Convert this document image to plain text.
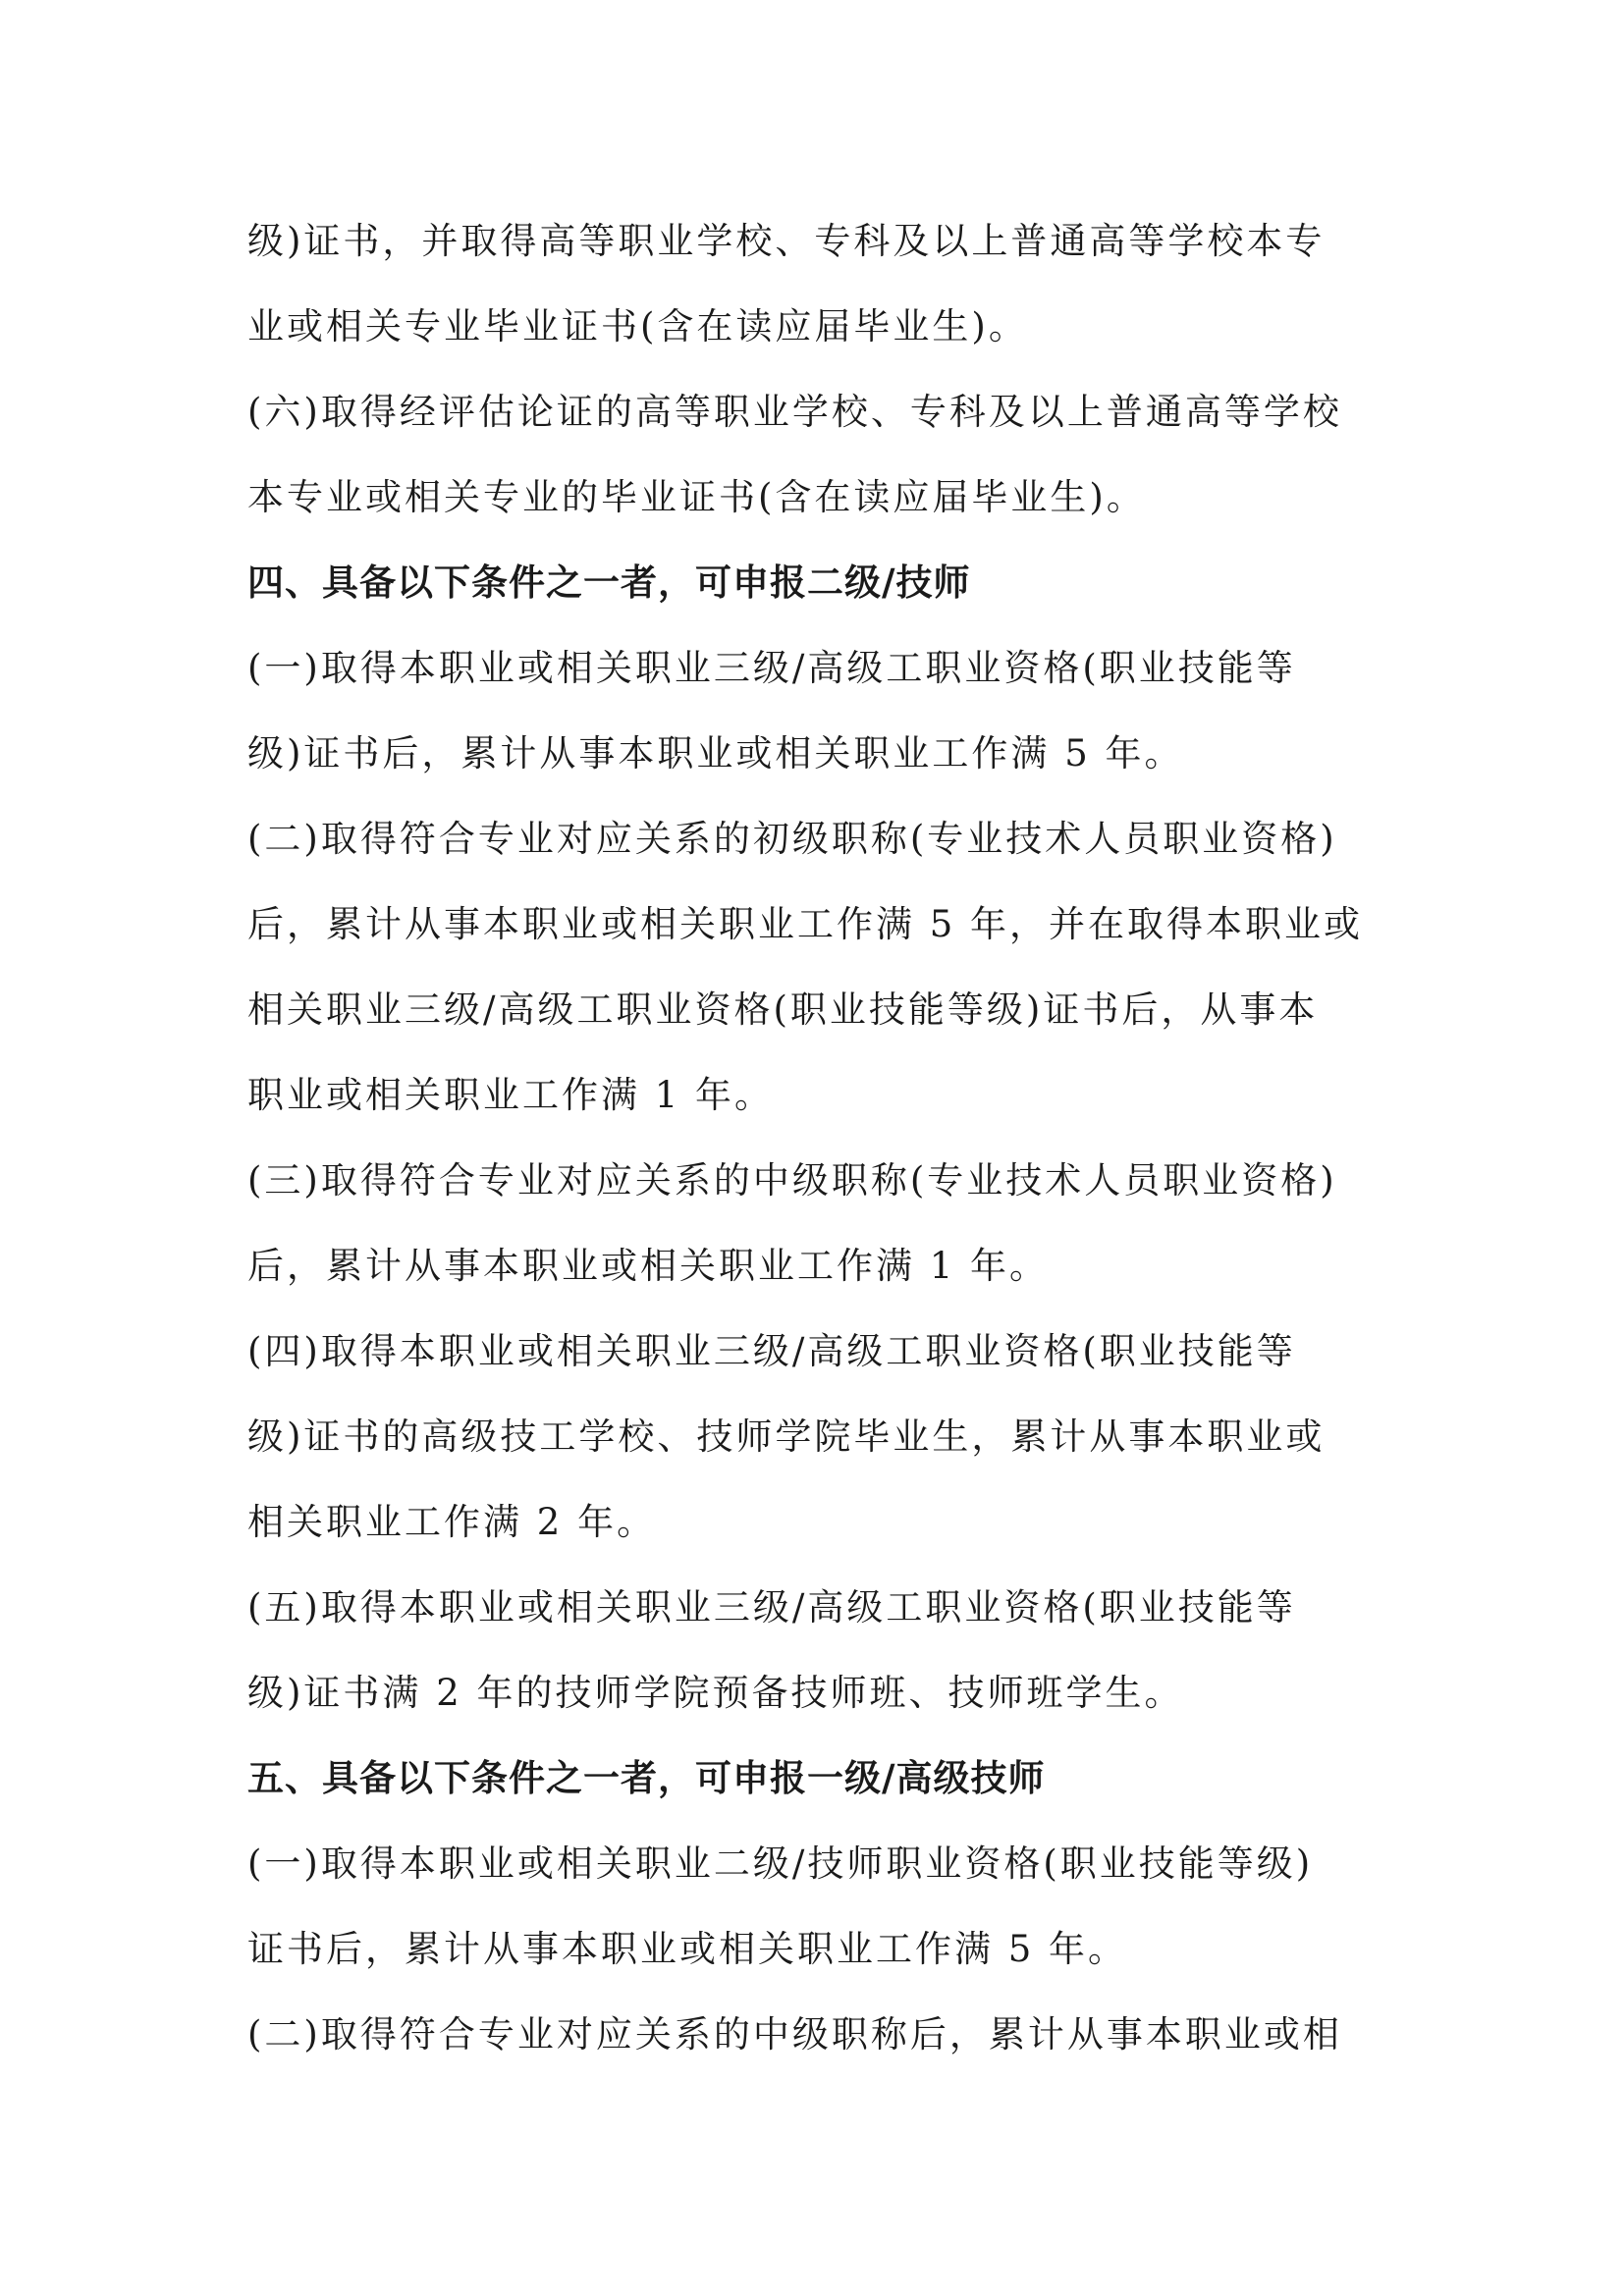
级)证书，并取得高等职业学校、专科及以上普通高等学校本专
业或相关专业毕业证书(含在读应届毕业生)。
(六)取得经评估论证的高等职业学校、专科及以上普通高等学校
本专业或相关专业的毕业证书(含在读应届毕业生)。
四、具备以下条件之一者，可申报二级/技师
(一)取得本职业或相关职业三级/高级工职业资格(职业技能等
级)证书后，累计从事本职业或相关职业工作满 5 年。
(二)取得符合专业对应关系的初级职称(专业技术人员职业资格)
后，累计从事本职业或相关职业工作满 5 年，并在取得本职业或
相关职业三级/高级工职业资格(职业技能等级)证书后，从事本
职业或相关职业工作满 1 年。
(三)取得符合专业对应关系的中级职称(专业技术人员职业资格)
后，累计从事本职业或相关职业工作满 1 年。
(四)取得本职业或相关职业三级/高级工职业资格(职业技能等
级)证书的高级技工学校、技师学院毕业生，累计从事本职业或
相关职业工作满 2 年。
(五)取得本职业或相关职业三级/高级工职业资格(职业技能等
级)证书满 2 年的技师学院预备技师班、技师班学生。
五、具备以下条件之一者，可申报一级/高级技师
(一)取得本职业或相关职业二级/技师职业资格(职业技能等级)
证书后，累计从事本职业或相关职业工作满 5 年。
(二)取得符合专业对应关系的中级职称后，累计从事本职业或相
